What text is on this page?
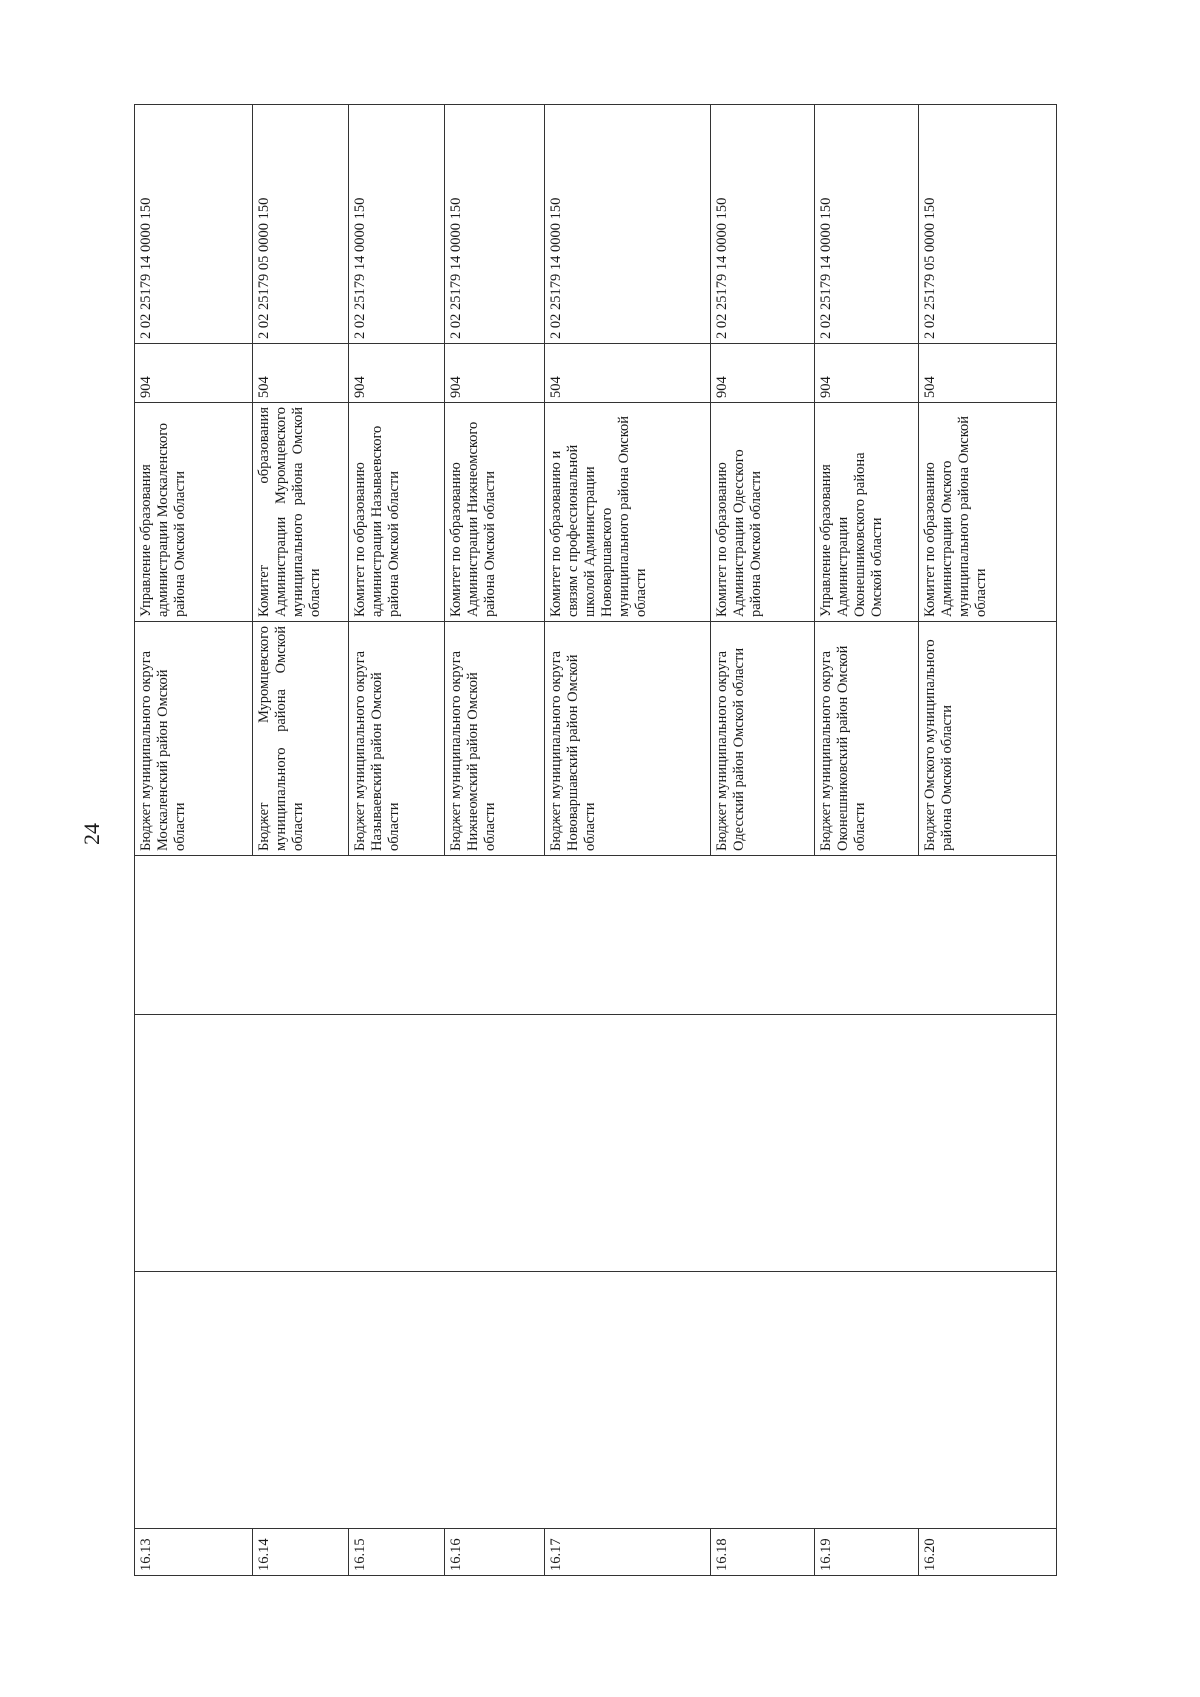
24
16.13				Бюджет муниципального округа Москаленский район Омской области	Управление образования администрации Москаленского района Омской области	904	2 02 25179 14 0000 150
16.14				Бюджет Муромцевского муниципального района Омской области	Комитет образования Администрации Муромцевского муниципального района Омской области	504	2 02 25179 05 0000 150
16.15				Бюджет муниципального округа Называевский район Омской области	Комитет по образованию администрации Называевского района Омской области	904	2 02 25179 14 0000 150
16.16				Бюджет муниципального округа Нижнеомский район Омской области	Комитет по образованию Администрации Нижнеомского района Омской области	904	2 02 25179 14 0000 150
16.17				Бюджет муниципального округа Нововаршавский район Омской области	Комитет по образованию и связям с профессиональной школой Администрации Нововаршавского муниципального района Омской области	504	2 02 25179 14 0000 150
16.18				Бюджет муниципального округа Одесский район Омской области	Комитет по образованию Администрации Одесского района Омской области	904	2 02 25179 14 0000 150
16.19				Бюджет муниципального округа Оконешниковский район Омской области	Управление образования Администрации Оконешниковского района Омской области	904	2 02 25179 14 0000 150
16.20				Бюджет Омского муниципального района Омской области	Комитет по образованию Администрации Омского муниципального района Омской области	504	2 02 25179 05 0000 150
